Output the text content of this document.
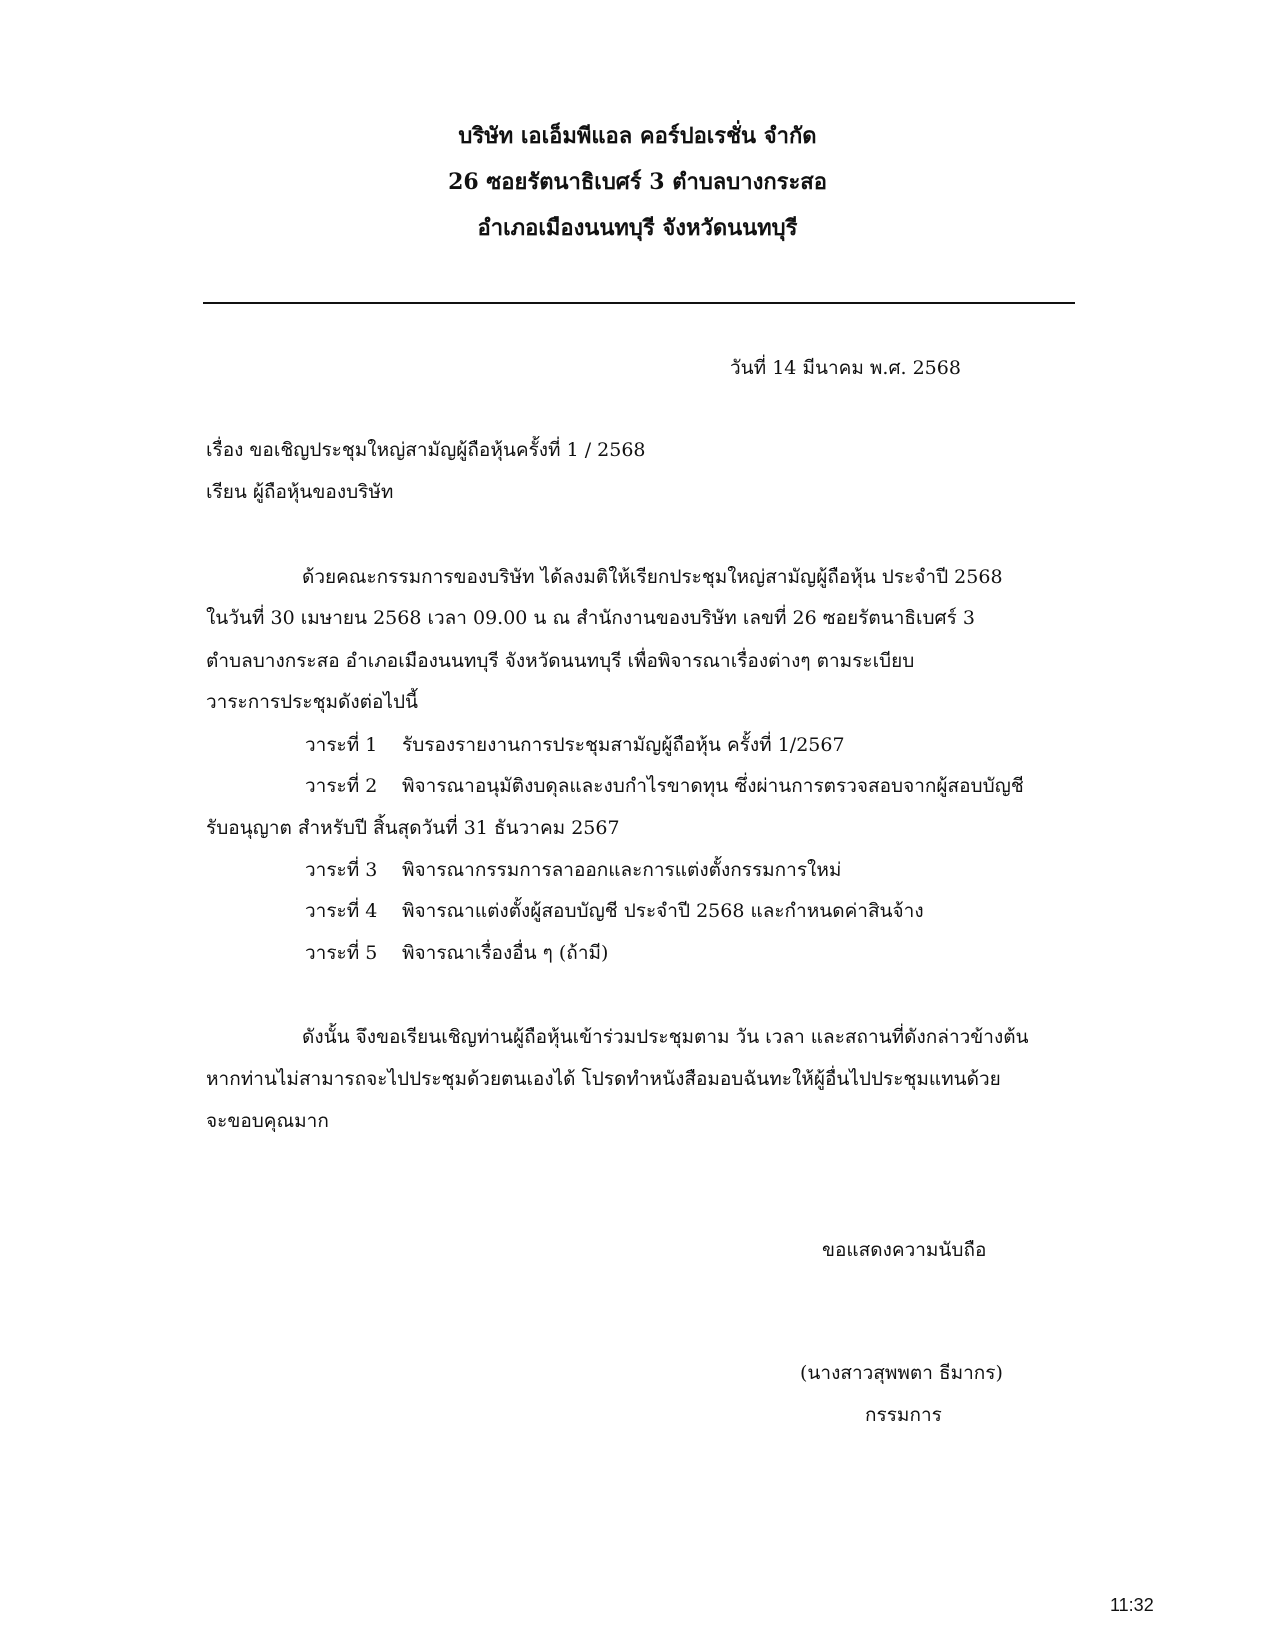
บริษัท เอเอ็มพีแอล คอร์ปอเรชั่น จำกัด
26 ซอยรัตนาธิเบศร์ 3 ตำบลบางกระสอ
อำเภอเมืองนนทบุรี จังหวัดนนทบุรี
วันที่ 14 มีนาคม พ.ศ. 2568
เรื่อง ขอเชิญประชุมใหญ่สามัญผู้ถือหุ้นครั้งที่ 1 / 2568
เรียน ผู้ถือหุ้นของบริษัท
ด้วยคณะกรรมการของบริษัท ได้ลงมติให้เรียกประชุมใหญ่สามัญผู้ถือหุ้น ประจำปี 2568
ในวันที่ 30 เมษายน 2568 เวลา 09.00 น ณ สำนักงานของบริษัท เลขที่ 26 ซอยรัตนาธิเบศร์ 3
ตำบลบางกระสอ อำเภอเมืองนนทบุรี จังหวัดนนทบุรี เพื่อพิจารณาเรื่องต่างๆ ตามระเบียบ
วาระการประชุมดังต่อไปนี้
วาระที่ 1 รับรองรายงานการประชุมสามัญผู้ถือหุ้น ครั้งที่ 1/2567
วาระที่ 2 พิจารณาอนุมัติงบดุลและงบกำไรขาดทุน ซึ่งผ่านการตรวจสอบจากผู้สอบบัญชี
รับอนุญาต สำหรับปี สิ้นสุดวันที่ 31 ธันวาคม 2567
วาระที่ 3 พิจารณากรรมการลาออกและการแต่งตั้งกรรมการใหม่
วาระที่ 4 พิจารณาแต่งตั้งผู้สอบบัญชี ประจำปี 2568 และกำหนดค่าสินจ้าง
วาระที่ 5 พิจารณาเรื่องอื่น ๆ (ถ้ามี)
ดังนั้น จึงขอเรียนเชิญท่านผู้ถือหุ้นเข้าร่วมประชุมตาม วัน เวลา และสถานที่ดังกล่าวข้างต้น
หากท่านไม่สามารถจะไปประชุมด้วยตนเองได้ โปรดทำหนังสือมอบฉันทะให้ผู้อื่นไปประชุมแทนด้วย
จะขอบคุณมาก
ขอแสดงความนับถือ
(นางสาวสุพพตา ธีมากร)
กรรมการ
11:32
